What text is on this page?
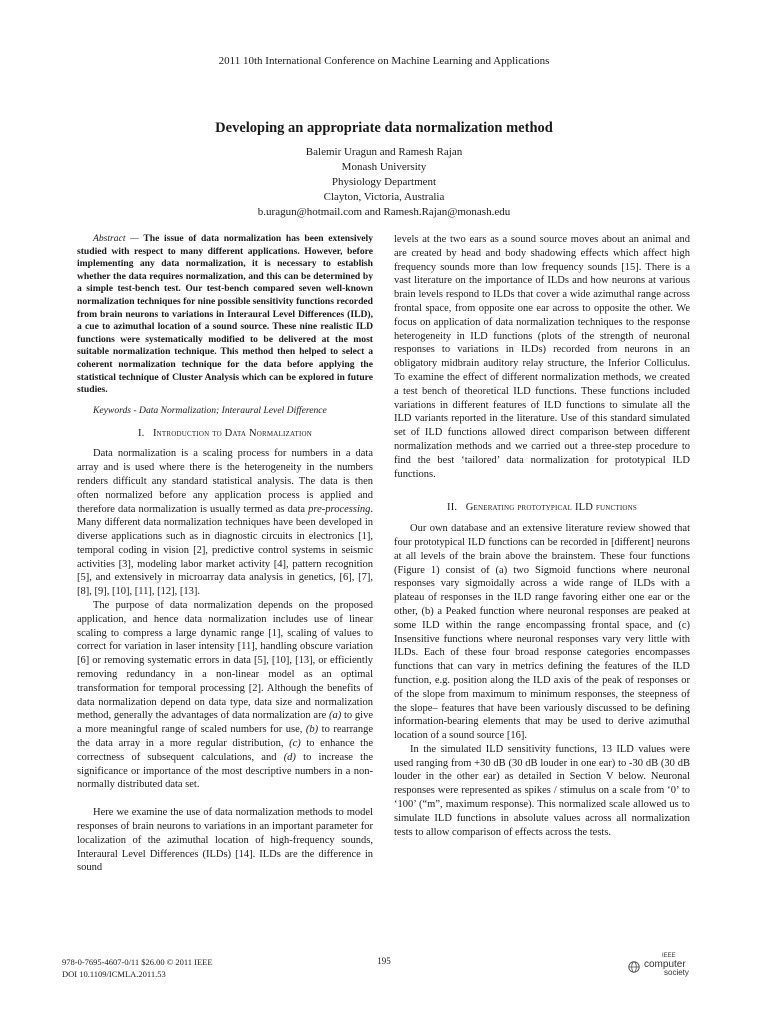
2011 10th International Conference on Machine Learning and Applications
Developing an appropriate data normalization method
Balemir Uragun and Ramesh Rajan
Monash University
Physiology Department
Clayton, Victoria, Australia
b.uragun@hotmail.com and Ramesh.Rajan@monash.edu

Abstract — The issue of data normalization has been extensively studied with respect to many different applications. However, before implementing any data normalization, it is necessary to establish whether the data requires normalization, and this can be determined by a simple test-bench test. Our test-bench compared seven well-known normalization techniques for nine possible sensitivity functions recorded from brain neurons to variations in Interaural Level Differences (ILD), a cue to azimuthal location of a sound source. These nine realistic ILD functions were systematically modified to be delivered at the most suitable normalization technique. This method then helped to select a coherent normalization technique for the data before applying the statistical technique of Cluster Analysis which can be explored in future studies.

Keywords - Data Normalization; Interaural Level Difference

I. Introduction to Data Normalization

Data normalization is a scaling process for numbers in a data array and is used where there is the heterogeneity in the numbers renders difficult any standard statistical analysis. The data is then often normalized before any application process is applied and therefore data normalization is usually termed as data pre-processing. Many different data normalization techniques have been developed in diverse applications such as in diagnostic circuits in electronics [1], temporal coding in vision [2], predictive control systems in seismic activities [3], modeling labor market activity [4], pattern recognition [5], and extensively in microarray data analysis in genetics, [6], [7], [8], [9], [10], [11], [12], [13].

The purpose of data normalization depends on the proposed application, and hence data normalization includes use of linear scaling to compress a large dynamic range [1], scaling of values to correct for variation in laser intensity [11], handling obscure variation [6] or removing systematic errors in data [5], [10], [13], or efficiently removing redundancy in a non-linear model as an optimal transformation for temporal processing [2]. Although the benefits of data normalization depend on data type, data size and normalization method, generally the advantages of data normalization are (a) to give a more meaningful range of scaled numbers for use, (b) to rearrange the data array in a more regular distribution, (c) to enhance the correctness of subsequent calculations, and (d) to increase the significance or importance of the most descriptive numbers in a non-normally distributed data set.

Here we examine the use of data normalization methods to model responses of brain neurons to variations in an important parameter for localization of the azimuthal location of high-frequency sounds, Interaural Level Differences (ILDs) [14]. ILDs are the difference in sound

levels at the two ears as a sound source moves about an animal and are created by head and body shadowing effects which affect high frequency sounds more than low frequency sounds [15]. There is a vast literature on the importance of ILDs and how neurons at various brain levels respond to ILDs that cover a wide azimuthal range across frontal space, from opposite one ear across to opposite the other. We focus on application of data normalization techniques to the response heterogeneity in ILD functions (plots of the strength of neuronal responses to variations in ILDs) recorded from neurons in an obligatory midbrain auditory relay structure, the Inferior Colliculus. To examine the effect of different normalization methods, we created a test bench of theoretical ILD functions. These functions included variations in different features of ILD functions to simulate all the ILD variants reported in the literature. Use of this standard simulated set of ILD functions allowed direct comparison between different normalization methods and we carried out a three-step procedure to find the best ‘tailored’ data normalization for prototypical ILD functions.

II. Generating prototypical ILD functions

Our own database and an extensive literature review showed that four prototypical ILD functions can be recorded in [different] neurons at all levels of the brain above the brainstem. These four functions (Figure 1) consist of (a) two Sigmoid functions where neuronal responses vary sigmoidally across a wide range of ILDs with a plateau of responses in the ILD range favoring either one ear or the other, (b) a Peaked function where neuronal responses are peaked at some ILD within the range encompassing frontal space, and (c) Insensitive functions where neuronal responses vary very little with ILDs. Each of these four broad response categories encompasses functions that can vary in metrics defining the features of the ILD function, e.g. position along the ILD axis of the peak of responses or of the slope from maximum to minimum responses, the steepness of the slope– features that have been variously discussed to be defining information-bearing elements that may be used to derive azimuthal location of a sound source [16].

In the simulated ILD sensitivity functions, 13 ILD values were used ranging from +30 dB (30 dB louder in one ear) to -30 dB (30 dB louder in the other ear) as detailed in Section V below. Neuronal responses were represented as spikes / stimulus on a scale from ‘0’ to ‘100’ (“m”, maximum response). This normalized scale allowed us to simulate ILD functions in absolute values across all normalization tests to allow comparison of effects across the tests.

978-0-7695-4607-0/11 $26.00 © 2011 IEEE
DOI 10.1109/ICMLA.2011.53
195	IEEE
computer
society
